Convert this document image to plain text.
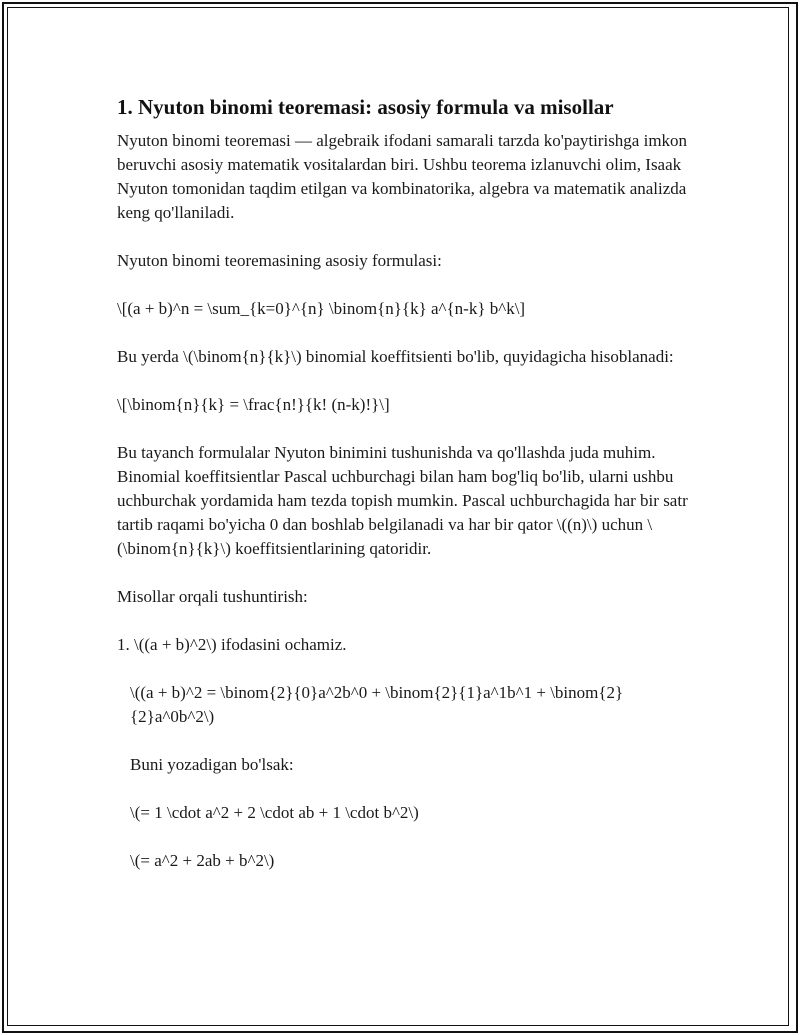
1. Nyuton binomi teoremasi: asosiy formula va misollar

Nyuton binomi teoremasi — algebraik ifodani samarali tarzda ko'paytirishga imkon beruvchi asosiy matematik vositalardan biri. Ushbu teorema izlanuvchi olim, Isaak Nyuton tomonidan taqdim etilgan va kombinatorika, algebra va matematik analizda keng qo'llaniladi.

Nyuton binomi teoremasining asosiy formulasi:

\[(a + b)^n = \sum_{k=0}^{n} \binom{n}{k} a^{n-k} b^k\]

Bu yerda \(\binom{n}{k}\) binomial koeffitsienti bo'lib, quyidagicha hisoblanadi:

\[\binom{n}{k} = \frac{n!}{k! (n-k)!}\]

Bu tayanch formulalar Nyuton binimini tushunishda va qo'llashda juda muhim. Binomial koeffitsientlar Pascal uchburchagi bilan ham bog'liq bo'lib, ularni ushbu uchburchak yordamida ham tezda topish mumkin. Pascal uchburchagida har bir satr tartib raqami bo'yicha 0 dan boshlab belgilanadi va har bir qator \((n)\) uchun \(\binom{n}{k}\) koeffitsientlarining qatoridir.

Misollar orqali tushuntirish:

1. \((a + b)^2\) ifodasini ochamiz.

\((a + b)^2 = \binom{2}{0}a^2b^0 + \binom{2}{1}a^1b^1 + \binom{2}{2}a^0b^2\)

Buni yozadigan bo'lsak:

\(= 1 \cdot a^2 + 2 \cdot ab + 1 \cdot b^2\)

\(= a^2 + 2ab + b^2\)
